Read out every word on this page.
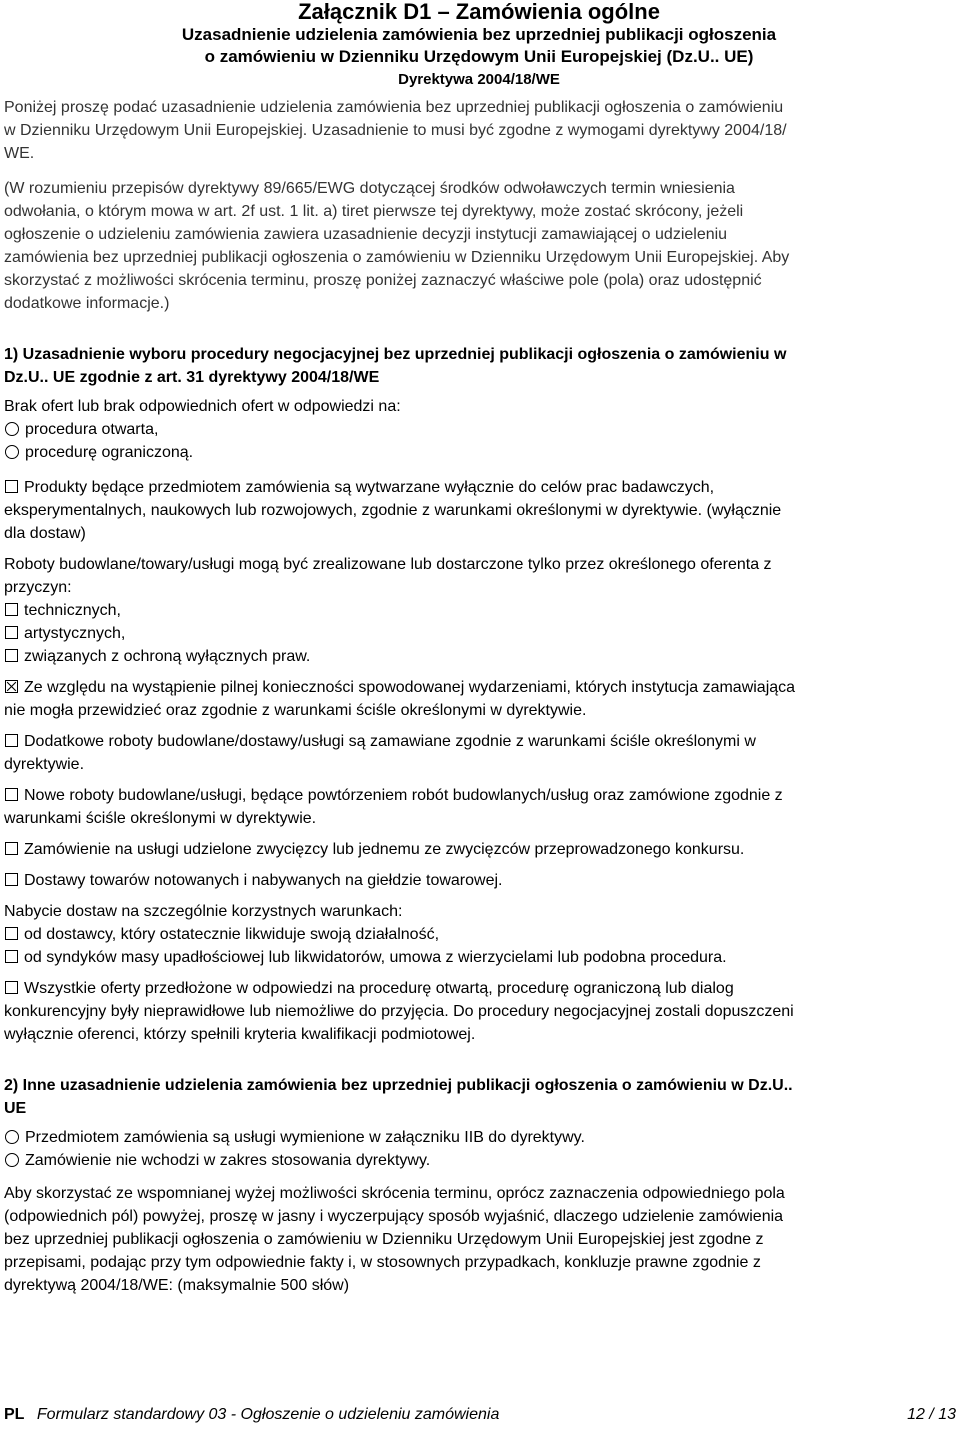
Załącznik D1 – Zamówienia ogólne
Uzasadnienie udzielenia zamówienia bez uprzedniej publikacji ogłoszenia
o zamówieniu w Dzienniku Urzędowym Unii Europejskiej (Dz.U.. UE)
Dyrektywa 2004/18/WE
Poniżej proszę podać uzasadnienie udzielenia zamówienia bez uprzedniej publikacji ogłoszenia o zamówieniu
w Dzienniku Urzędowym Unii Europejskiej. Uzasadnienie to musi być zgodne z wymogami dyrektywy 2004/18/
WE.
(W rozumieniu przepisów dyrektywy 89/665/EWG dotyczącej środków odwoławczych termin wniesienia
odwołania, o którym mowa w art. 2f ust. 1 lit. a) tiret pierwsze tej dyrektywy, może zostać skrócony, jeżeli
ogłoszenie o udzieleniu zamówienia zawiera uzasadnienie decyzji instytucji zamawiającej o udzieleniu
zamówienia bez uprzedniej publikacji ogłoszenia o zamówieniu w Dzienniku Urzędowym Unii Europejskiej. Aby
skorzystać z możliwości skrócenia terminu, proszę poniżej zaznaczyć właściwe pole (pola) oraz udostępnić
dodatkowe informacje.)
1) Uzasadnienie wyboru procedury negocjacyjnej bez uprzedniej publikacji ogłoszenia o zamówieniu w
Dz.U.. UE zgodnie z art. 31 dyrektywy 2004/18/WE
Brak ofert lub brak odpowiednich ofert w odpowiedzi na:
procedura otwarta,
procedurę ograniczoną.
Produkty będące przedmiotem zamówienia są wytwarzane wyłącznie do celów prac badawczych,
eksperymentalnych, naukowych lub rozwojowych, zgodnie z warunkami określonymi w dyrektywie. (wyłącznie
dla dostaw)
Roboty budowlane/towary/usługi mogą być zrealizowane lub dostarczone tylko przez określonego oferenta z
przyczyn:
technicznych,
artystycznych,
związanych z ochroną wyłącznych praw.
Ze względu na wystąpienie pilnej konieczności spowodowanej wydarzeniami, których instytucja zamawiająca
nie mogła przewidzieć oraz zgodnie z warunkami ściśle określonymi w dyrektywie.
Dodatkowe roboty budowlane/dostawy/usługi są zamawiane zgodnie z warunkami ściśle określonymi w
dyrektywie.
Nowe roboty budowlane/usługi, będące powtórzeniem robót budowlanych/usług oraz zamówione zgodnie z
warunkami ściśle określonymi w dyrektywie.
Zamówienie na usługi udzielone zwycięzcy lub jednemu ze zwycięzców przeprowadzonego konkursu.
Dostawy towarów notowanych i nabywanych na giełdzie towarowej.
Nabycie dostaw na szczególnie korzystnych warunkach:
od dostawcy, który ostatecznie likwiduje swoją działalność,
od syndyków masy upadłościowej lub likwidatorów, umowa z wierzycielami lub podobna procedura.
Wszystkie oferty przedłożone w odpowiedzi na procedurę otwartą, procedurę ograniczoną lub dialog
konkurencyjny były nieprawidłowe lub niemożliwe do przyjęcia. Do procedury negocjacyjnej zostali dopuszczeni
wyłącznie oferenci, którzy spełnili kryteria kwalifikacji podmiotowej.
2) Inne uzasadnienie udzielenia zamówienia bez uprzedniej publikacji ogłoszenia o zamówieniu w Dz.U..
UE
Przedmiotem zamówienia są usługi wymienione w załączniku IIB do dyrektywy.
Zamówienie nie wchodzi w zakres stosowania dyrektywy.
Aby skorzystać ze wspomnianej wyżej możliwości skrócenia terminu, oprócz zaznaczenia odpowiedniego pola
(odpowiednich pól) powyżej, proszę w jasny i wyczerpujący sposób wyjaśnić, dlaczego udzielenie zamówienia
bez uprzedniej publikacji ogłoszenia o zamówieniu w Dzienniku Urzędowym Unii Europejskiej jest zgodne z
przepisami, podając przy tym odpowiednie fakty i, w stosownych przypadkach, konkluzje prawne zgodnie z
dyrektywą 2004/18/WE: (maksymalnie 500 słów)
PL Formularz standardowy 03 - Ogłoszenie o udzieleniu zamówienia	12 / 13
